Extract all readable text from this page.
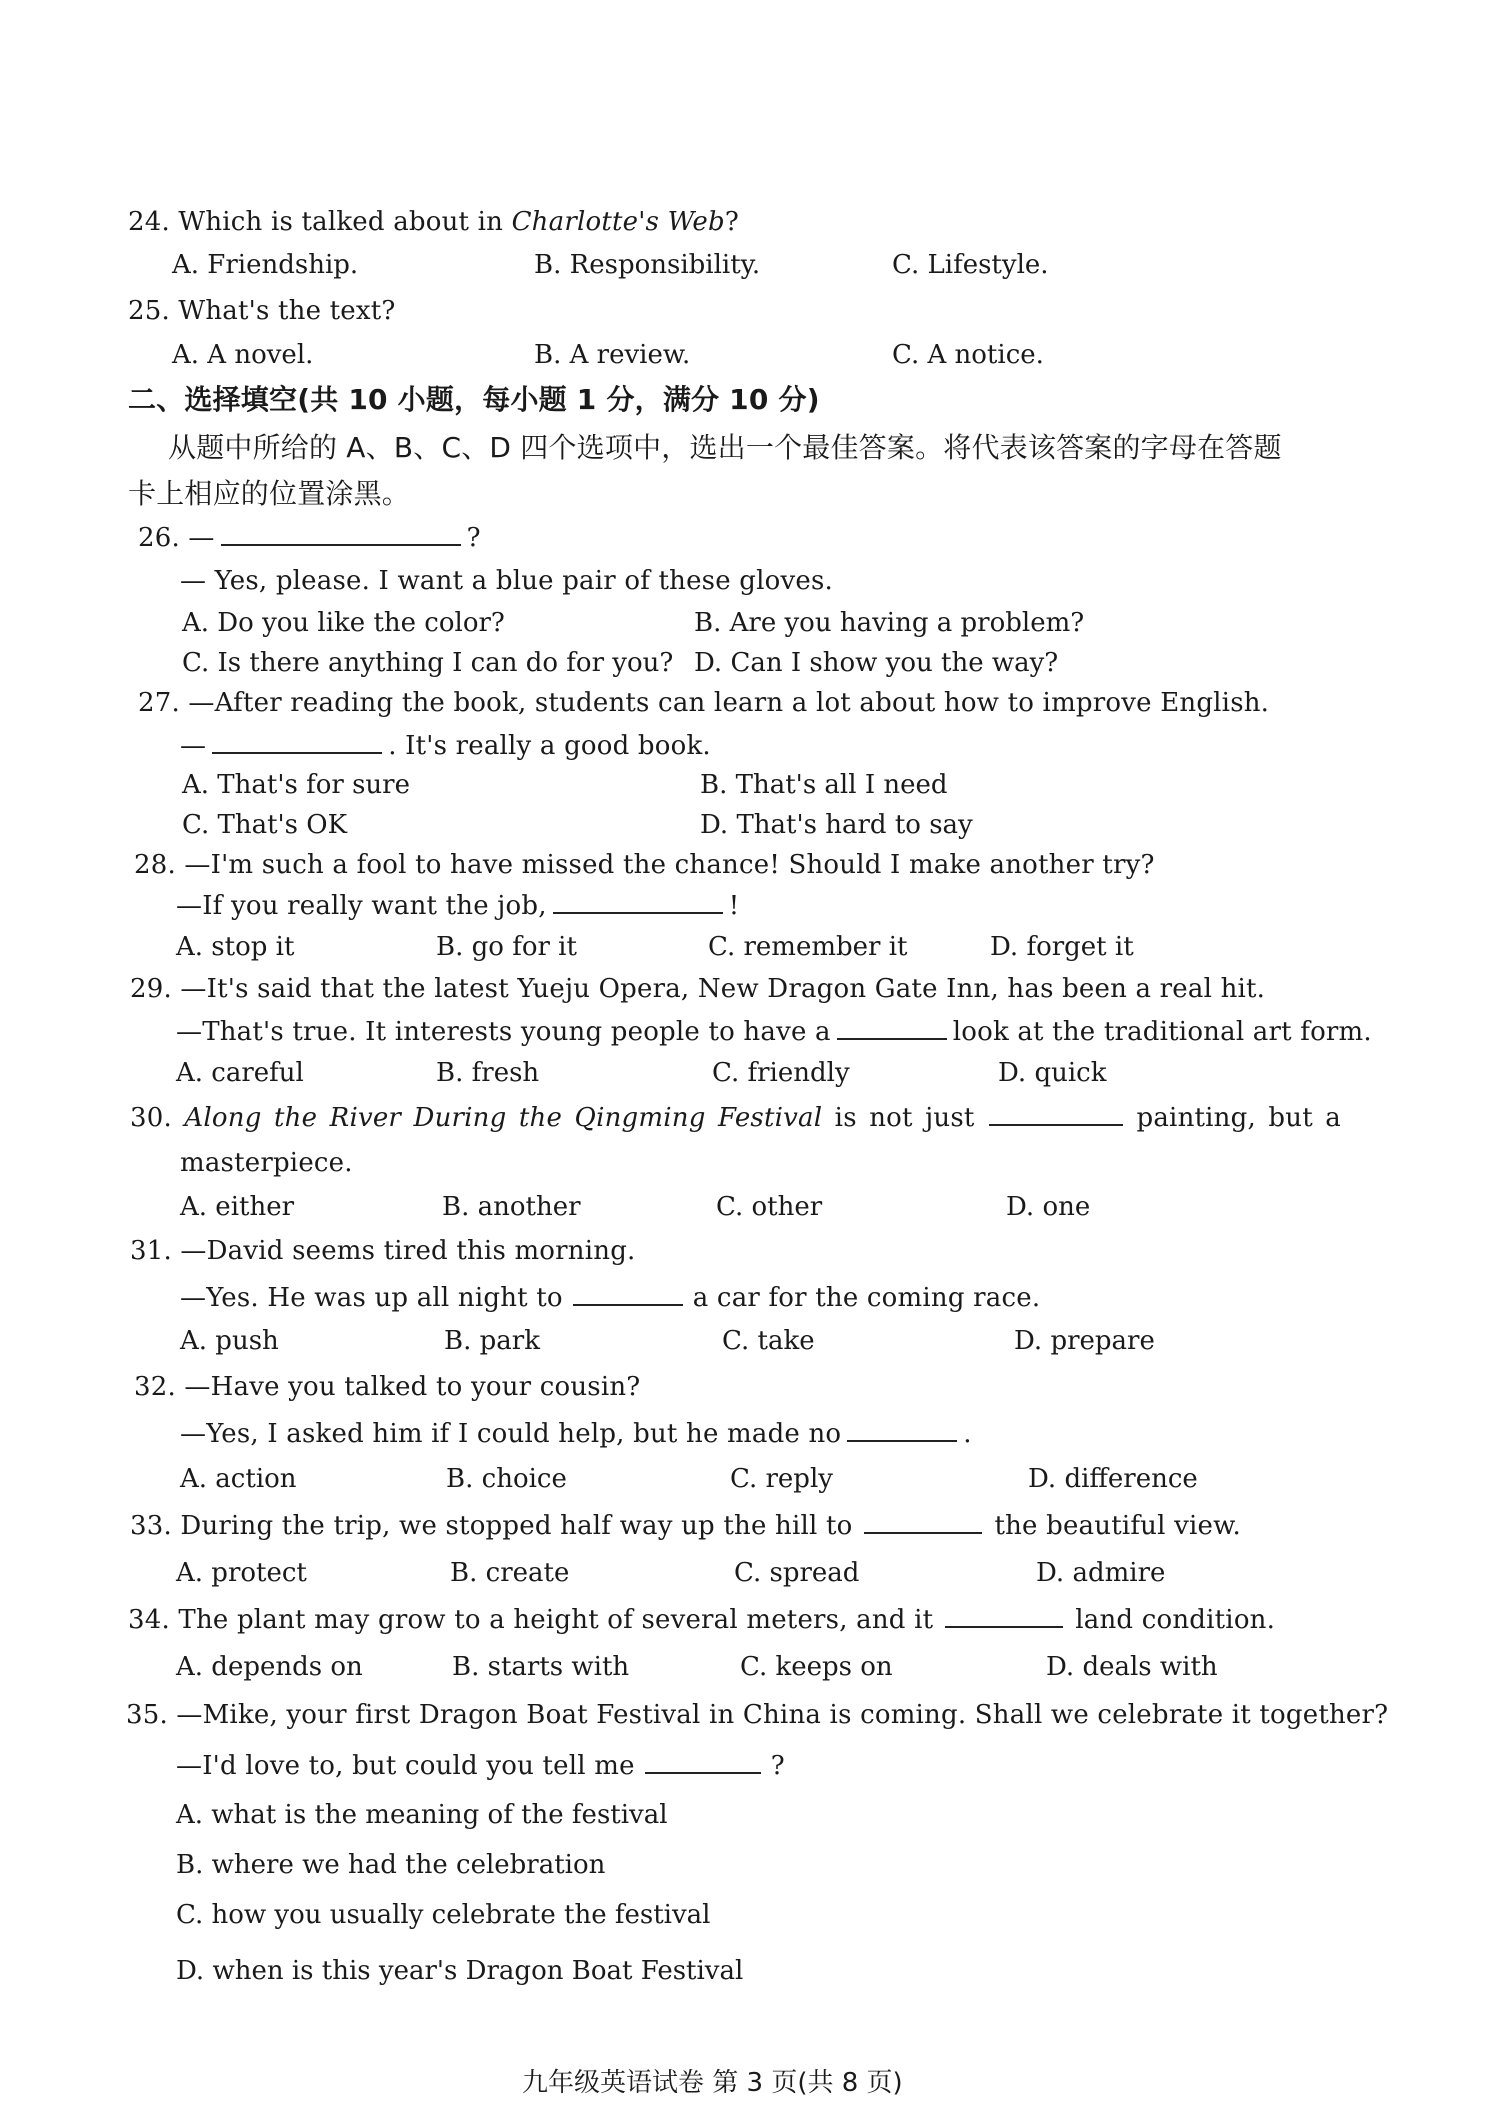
24. Which is talked about in Charlotte's Web?
A. Friendship.	B. Responsibility.	C. Lifestyle.
25. What's the text?
A. A novel.	B. A review.	C. A notice.
二、选择填空(共 10 小题，每小题 1 分，满分 10 分)
从题中所给的 A、B、C、D 四个选项中，选出一个最佳答案。将代表该答案的字母在答题
卡上相应的位置涂黑。
26. —	?
— Yes, please. I want a blue pair of these gloves.
A. Do you like the color?	B. Are you having a problem?
C. Is there anything I can do for you? D. Can I show you the way?
27. —After reading the book, students can learn a lot about how to improve English.
—	. It's really a good book.
A. That's for sure	B. That's all I need
C. That's OK	D. That's hard to say
28. —I'm such a fool to have missed the chance! Should I make another try?
—If you really want the job,	!
A. stop it	B. go for it	C. remember it	D. forget it
29. —It's said that the latest Yueju Opera, New Dragon Gate Inn, has been a real hit.
—That's true. It interests young people to have a	look at the traditional art form.
A. careful	B. fresh	C. friendly	D. quick
30. Along the River During the Qingming Festival is not just	painting, but a
masterpiece.
A. either	B. another	C. other	D. one
31. —David seems tired this morning.
—Yes. He was up all night to	a car for the coming race.
A. push	B. park	C. take	D. prepare
32. —Have you talked to your cousin?
—Yes, I asked him if I could help, but he made no	.
A. action	B. choice	C. reply	D. difference
33. During the trip, we stopped half way up the hill to	the beautiful view.
A. protect	B. create	C. spread	D. admire
34. The plant may grow to a height of several meters, and it	land condition.
A. depends on	B. starts with	C. keeps on	D. deals with
35. —Mike, your first Dragon Boat Festival in China is coming. Shall we celebrate it together?
—I'd love to, but could you tell me	?
A. what is the meaning of the festival
B. where we had the celebration
C. how you usually celebrate the festival
D. when is this year's Dragon Boat Festival
九年级英语试卷 第 3 页(共 8 页)
